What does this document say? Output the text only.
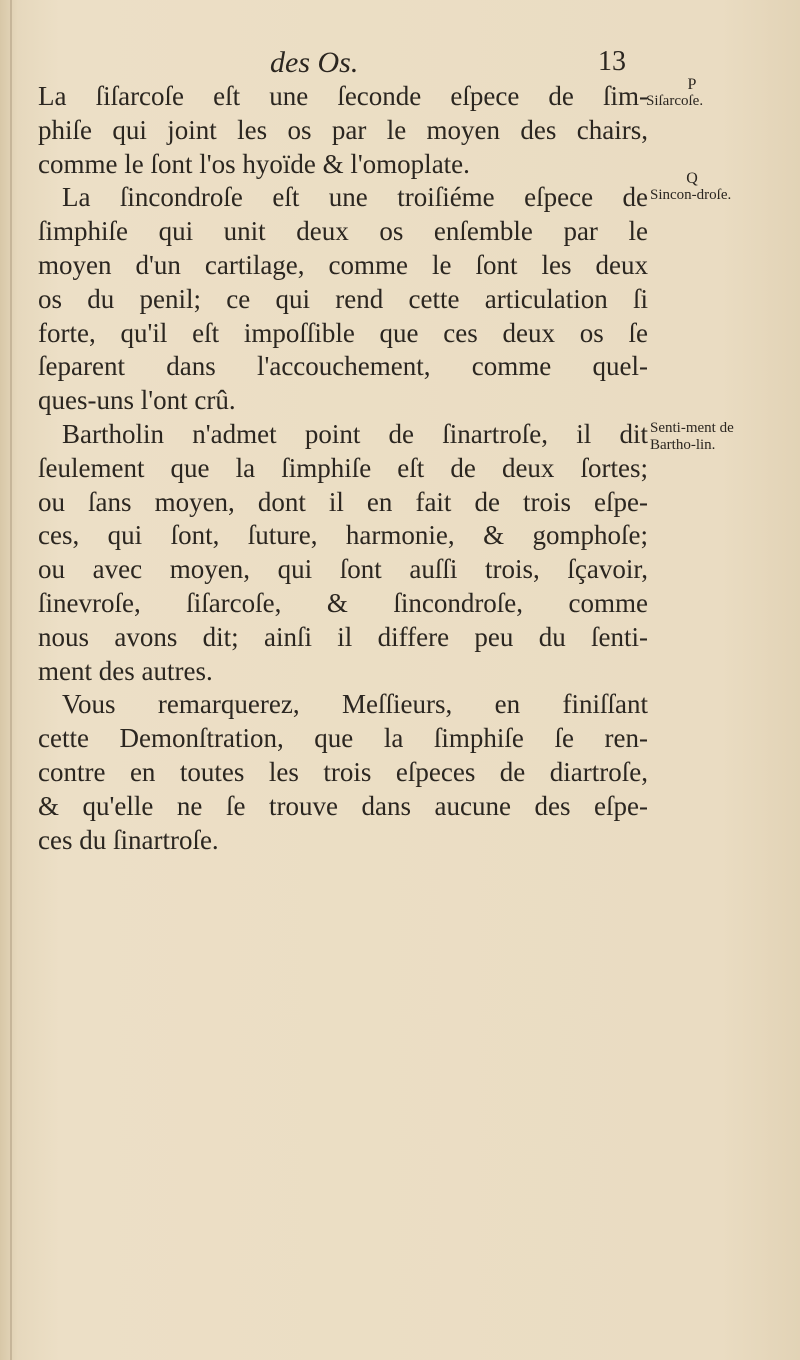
des Os.	13
La ſiſarcoſe eſt une ſeconde eſpece de ſim-
phiſe qui joint les os par le moyen des chairs,
comme le ſont l'os hyoïde & l'omoplate.
La ſincondroſe eſt une troiſiéme eſpece de
ſimphiſe qui unit deux os enſemble par le
moyen d'un cartilage, comme le ſont les deux
os du penil; ce qui rend cette articulation ſi
forte, qu'il eſt impoſſible que ces deux os ſe
ſeparent dans l'accouchement, comme quel-
ques-uns l'ont crû.
Bartholin n'admet point de ſinartroſe, il dit
ſeulement que la ſimphiſe eſt de deux ſortes;
ou ſans moyen, dont il en fait de trois eſpe-
ces, qui ſont, ſuture, harmonie, & gomphoſe;
ou avec moyen, qui ſont auſſi trois, ſçavoir,
ſinevroſe, ſiſarcoſe, & ſincondroſe, comme
nous avons dit; ainſi il differe peu du ſenti-
ment des autres.
Vous remarquerez, Meſſieurs, en finiſſant
cette Demonſtration, que la ſimphiſe ſe ren-
contre en toutes les trois eſpeces de diartroſe,
& qu'elle ne ſe trouve dans aucune des eſpe-
ces du ſinartroſe.
P
Siſarcoſe.
Q
Sincon-droſe.
Senti-ment de Bartho-lin.
